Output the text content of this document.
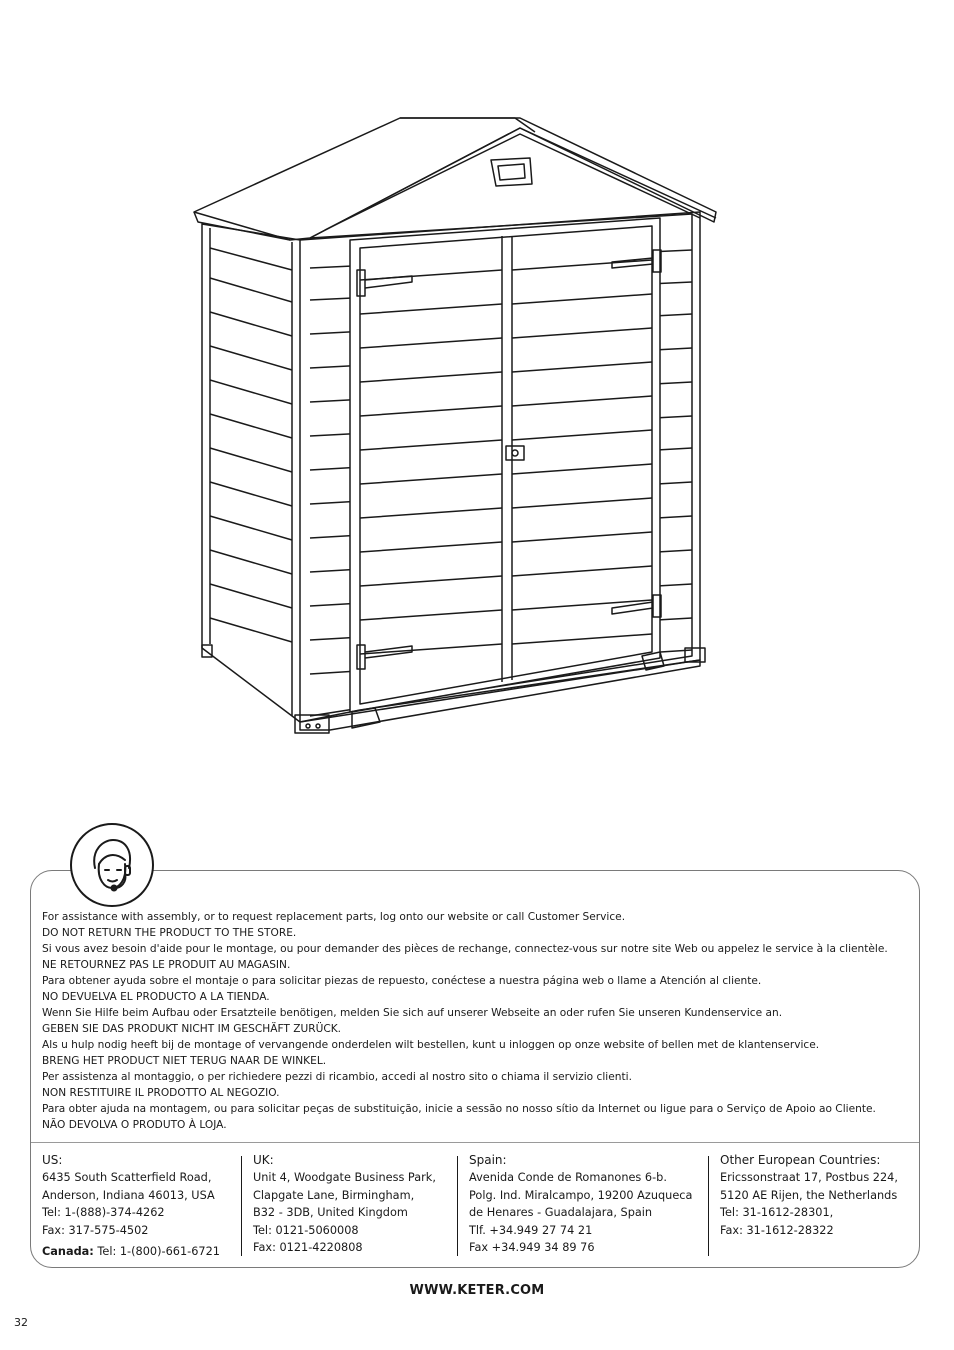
For assistance with assembly, or to request replacement parts, log onto our website or call Customer Service.
DO NOT RETURN THE PRODUCT TO THE STORE.
Si vous avez besoin d'aide pour le montage, ou pour demander des pièces de rechange, connectez-vous sur notre site Web ou appelez le service à la clientèle.
NE RETOURNEZ PAS LE PRODUIT AU MAGASIN.
Para obtener ayuda sobre el montaje o para solicitar piezas de repuesto, conéctese a nuestra página web o llame a Atención al cliente.
NO DEVUELVA EL PRODUCTO A LA TIENDA.
Wenn Sie Hilfe beim Aufbau oder Ersatzteile benötigen, melden Sie sich auf unserer Webseite an oder rufen Sie unseren Kundenservice an.
GEBEN SIE DAS PRODUKT NICHT IM GESCHÄFT ZURÜCK.
Als u hulp nodig heeft bij de montage of vervangende onderdelen wilt bestellen, kunt u inloggen op onze website of bellen met de klantenservice.
BRENG HET PRODUCT NIET TERUG NAAR DE WINKEL.
Per assistenza al montaggio, o per richiedere pezzi di ricambio, accedi al nostro sito o chiama il servizio clienti.
NON RESTITUIRE IL PRODOTTO AL NEGOZIO.
Para obter ajuda na montagem, ou para solicitar peças de substituição, inicie a sessão no nosso sítio da Internet ou ligue para o Serviço de Apoio ao Cliente.
NÃO DEVOLVA O PRODUTO À LOJA.
US:
6435 South Scatterfield Road,
Anderson, Indiana 46013, USA
Tel: 1-(888)-374-4262
Fax: 317-575-4502
Canada: Tel: 1-(800)-661-6721
UK:
Unit 4, Woodgate Business Park,
Clapgate Lane, Birmingham,
B32 - 3DB, United Kingdom
Tel: 0121-5060008
Fax: 0121-4220808
Spain:
Avenida Conde de Romanones 6-b.
Polg. Ind. Miralcampo, 19200 Azuqueca
de Henares - Guadalajara, Spain
Tlf. +34.949 27 74 21
Fax +34.949 34 89 76
Other European Countries:
Ericssonstraat 17, Postbus 224,
5120 AE Rijen, the Netherlands
Tel: 31-1612-28301,
Fax: 31-1612-28322
WWW.KETER.COM
32
